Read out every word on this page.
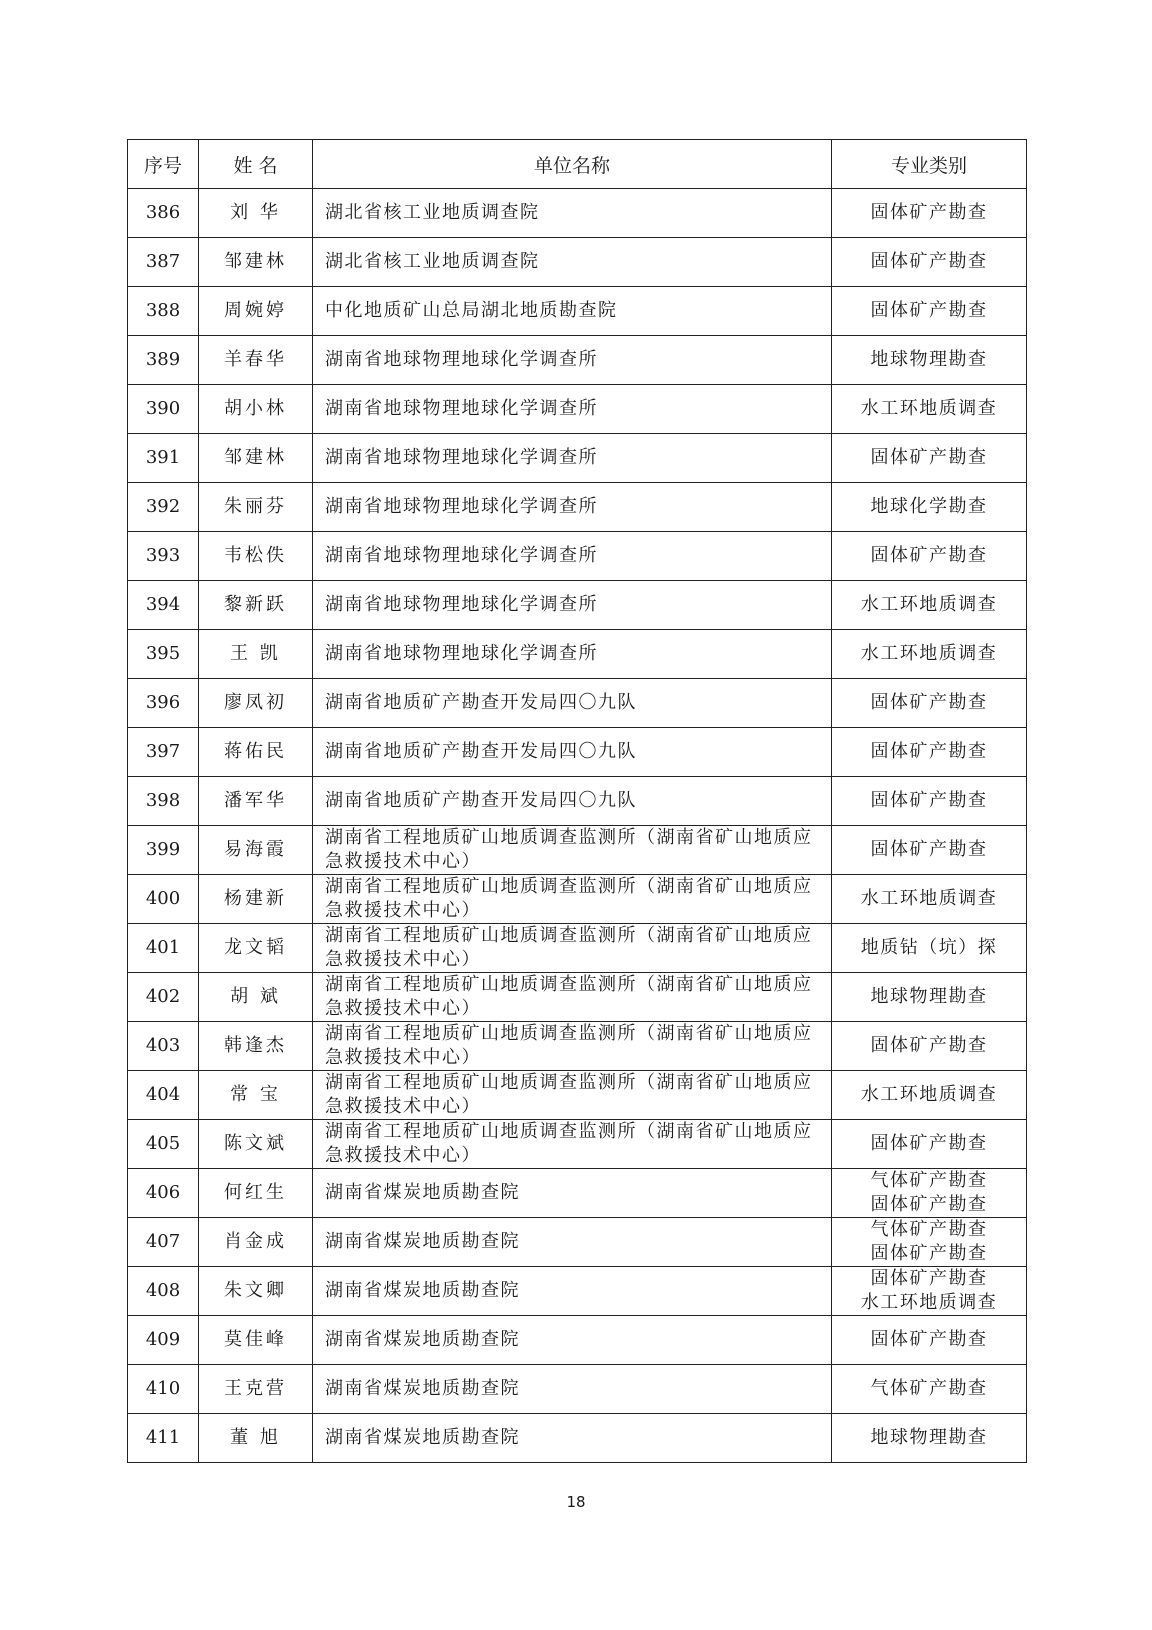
序号	姓 名	单位名称	专业类别
386	刘 华	湖北省核工业地质调查院	固体矿产勘查
387	邹建林	湖北省核工业地质调查院	固体矿产勘查
388	周婉婷	中化地质矿山总局湖北地质勘查院	固体矿产勘查
389	羊春华	湖南省地球物理地球化学调查所	地球物理勘查
390	胡小林	湖南省地球物理地球化学调查所	水工环地质调查
391	邹建林	湖南省地球物理地球化学调查所	固体矿产勘查
392	朱丽芬	湖南省地球物理地球化学调查所	地球化学勘查
393	韦松佚	湖南省地球物理地球化学调查所	固体矿产勘查
394	黎新跃	湖南省地球物理地球化学调查所	水工环地质调查
395	王 凯	湖南省地球物理地球化学调查所	水工环地质调查
396	廖凤初	湖南省地质矿产勘查开发局四〇九队	固体矿产勘查
397	蒋佑民	湖南省地质矿产勘查开发局四〇九队	固体矿产勘查
398	潘军华	湖南省地质矿产勘查开发局四〇九队	固体矿产勘查
399	易海霞	湖南省工程地质矿山地质调查监测所（湖南省矿山地质应急救援技术中心）	固体矿产勘查
400	杨建新	湖南省工程地质矿山地质调查监测所（湖南省矿山地质应急救援技术中心）	水工环地质调查
401	龙文韬	湖南省工程地质矿山地质调查监测所（湖南省矿山地质应急救援技术中心）	地质钻（坑）探
402	胡 斌	湖南省工程地质矿山地质调查监测所（湖南省矿山地质应急救援技术中心）	地球物理勘查
403	韩逢杰	湖南省工程地质矿山地质调查监测所（湖南省矿山地质应急救援技术中心）	固体矿产勘查
404	常 宝	湖南省工程地质矿山地质调查监测所（湖南省矿山地质应急救援技术中心）	水工环地质调查
405	陈文斌	湖南省工程地质矿山地质调查监测所（湖南省矿山地质应急救援技术中心）	固体矿产勘查
406	何红生	湖南省煤炭地质勘查院	气体矿产勘查
固体矿产勘查
407	肖金成	湖南省煤炭地质勘查院	气体矿产勘查
固体矿产勘查
408	朱文卿	湖南省煤炭地质勘查院	固体矿产勘查
水工环地质调查
409	莫佳峰	湖南省煤炭地质勘查院	固体矿产勘查
410	王克营	湖南省煤炭地质勘查院	气体矿产勘查
411	董 旭	湖南省煤炭地质勘查院	地球物理勘查
18
